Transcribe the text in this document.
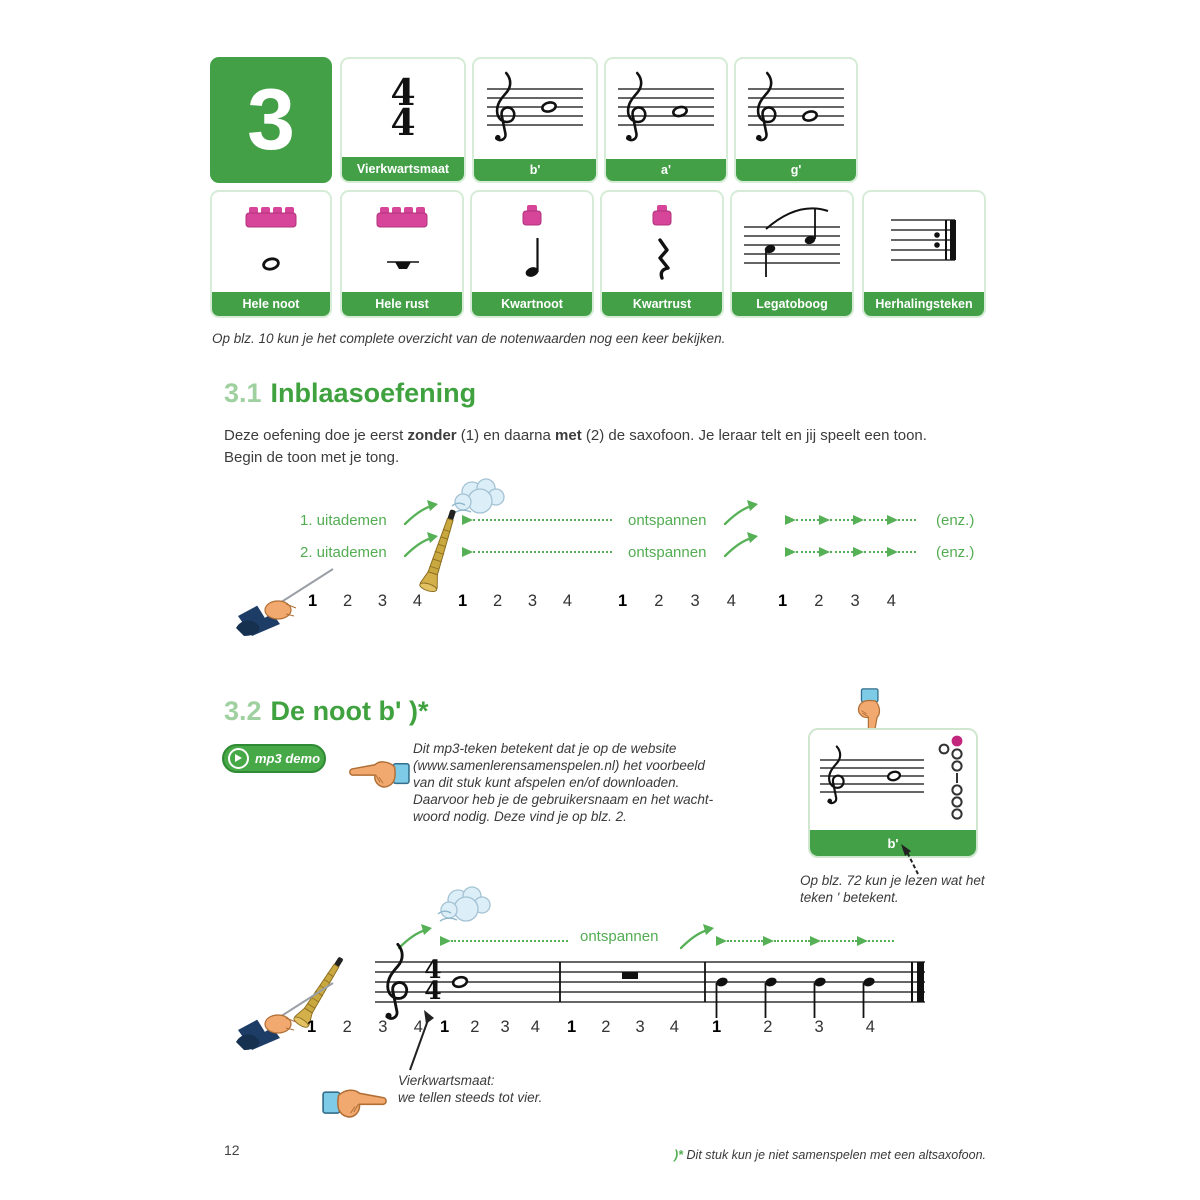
3	4
4
Vierkwartsmaat	b'	a'	g'
Hele noot	Hele rust	Kwartnoot	Kwartrust	Legatoboog	Herhalingsteken
Op blz. 10 kun je het complete overzicht van de notenwaarden nog een keer bekijken.
3.1 Inblaasoefening
Deze oefening doe je eerst zonder (1) en daarna met (2) de saxofoon. Je leraar telt en jij speelt een toon.
Begin de toon met je tong.
1. uitademen
2. uitademen
ontspannen
ontspannen
(enz.)
(enz.)
1 2 3 4 1 2 3 4	1 2 3 4	1 2 3 4
3.2 De noot b' )*
mp3 demo
Dit mp3-teken betekent dat je op de website
(www.samenlerensamenspelen.nl) het voorbeeld
van dit stuk kunt afspelen en/of downloaden.
Daarvoor heb je de gebruikersnaam en het wacht-
woord nodig. Deze vind je op blz. 2.
b'
Op blz. 72 kun je lezen wat het
teken ' betekent.
ontspannen
4
4
1 2 3 4 1 2 3 4 1 2 3 4 1	2	3	4
Vierkwartsmaat:
we tellen steeds tot vier.
12	)* Dit stuk kun je niet samenspelen met een altsaxofoon.
